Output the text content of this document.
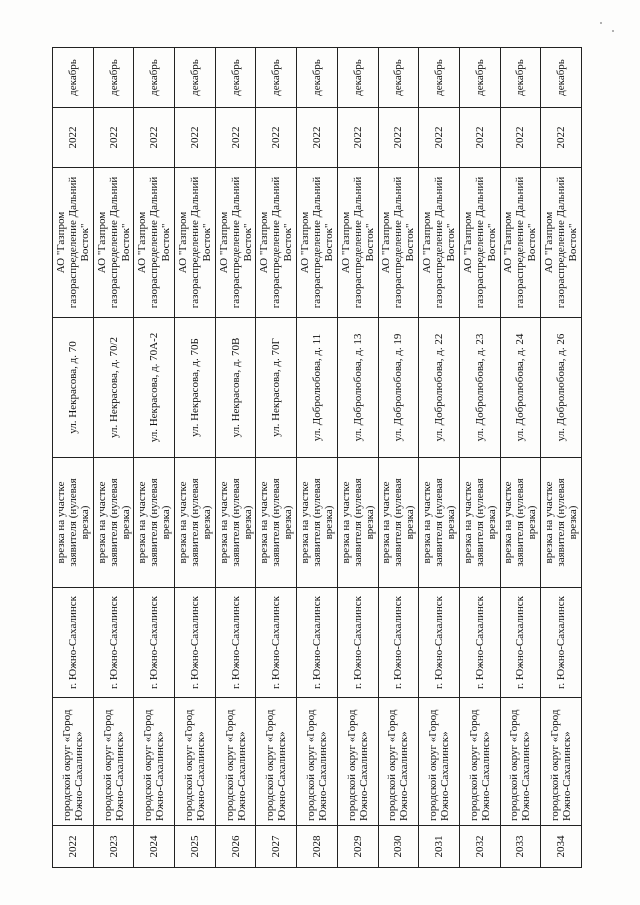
2022	городской округ «Город Южно-Сахалинск»	г. Южно-Сахалинск	врезка на участке заявителя (нулевая врезка)	ул. Некрасова, д. 70	АО "Газпром газораспределение Дальний Восток"	2022	декабрь
2023	городской округ «Город Южно-Сахалинск»	г. Южно-Сахалинск	врезка на участке заявителя (нулевая врезка)	ул. Некрасова, д. 70/2	АО "Газпром газораспределение Дальний Восток"	2022	декабрь
2024	городской округ «Город Южно-Сахалинск»	г. Южно-Сахалинск	врезка на участке заявителя (нулевая врезка)	ул. Некрасова, д. 70А-2	АО "Газпром газораспределение Дальний Восток"	2022	декабрь
2025	городской округ «Город Южно-Сахалинск»	г. Южно-Сахалинск	врезка на участке заявителя (нулевая врезка)	ул. Некрасова, д. 70Б	АО "Газпром газораспределение Дальний Восток"	2022	декабрь
2026	городской округ «Город Южно-Сахалинск»	г. Южно-Сахалинск	врезка на участке заявителя (нулевая врезка)	ул. Некрасова, д. 70В	АО "Газпром газораспределение Дальний Восток"	2022	декабрь
2027	городской округ «Город Южно-Сахалинск»	г. Южно-Сахалинск	врезка на участке заявителя (нулевая врезка)	ул. Некрасова, д. 70Г	АО "Газпром газораспределение Дальний Восток"	2022	декабрь
2028	городской округ «Город Южно-Сахалинск»	г. Южно-Сахалинск	врезка на участке заявителя (нулевая врезка)	ул. Добролюбова, д. 11	АО "Газпром газораспределение Дальний Восток"	2022	декабрь
2029	городской округ «Город Южно-Сахалинск»	г. Южно-Сахалинск	врезка на участке заявителя (нулевая врезка)	ул. Добролюбова, д. 13	АО "Газпром газораспределение Дальний Восток"	2022	декабрь
2030	городской округ «Город Южно-Сахалинск»	г. Южно-Сахалинск	врезка на участке заявителя (нулевая врезка)	ул. Добролюбова, д. 19	АО "Газпром газораспределение Дальний Восток"	2022	декабрь
2031	городской округ «Город Южно-Сахалинск»	г. Южно-Сахалинск	врезка на участке заявителя (нулевая врезка)	ул. Добролюбова, д. 22	АО "Газпром газораспределение Дальний Восток"	2022	декабрь
2032	городской округ «Город Южно-Сахалинск»	г. Южно-Сахалинск	врезка на участке заявителя (нулевая врезка)	ул. Добролюбова, д. 23	АО "Газпром газораспределение Дальний Восток"	2022	декабрь
2033	городской округ «Город Южно-Сахалинск»	г. Южно-Сахалинск	врезка на участке заявителя (нулевая врезка)	ул. Добролюбова, д. 24	АО "Газпром газораспределение Дальний Восток"	2022	декабрь
2034	городской округ «Город Южно-Сахалинск»	г. Южно-Сахалинск	врезка на участке заявителя (нулевая врезка)	ул. Добролюбова, д. 26	АО "Газпром газораспределение Дальний Восток"	2022	декабрь
